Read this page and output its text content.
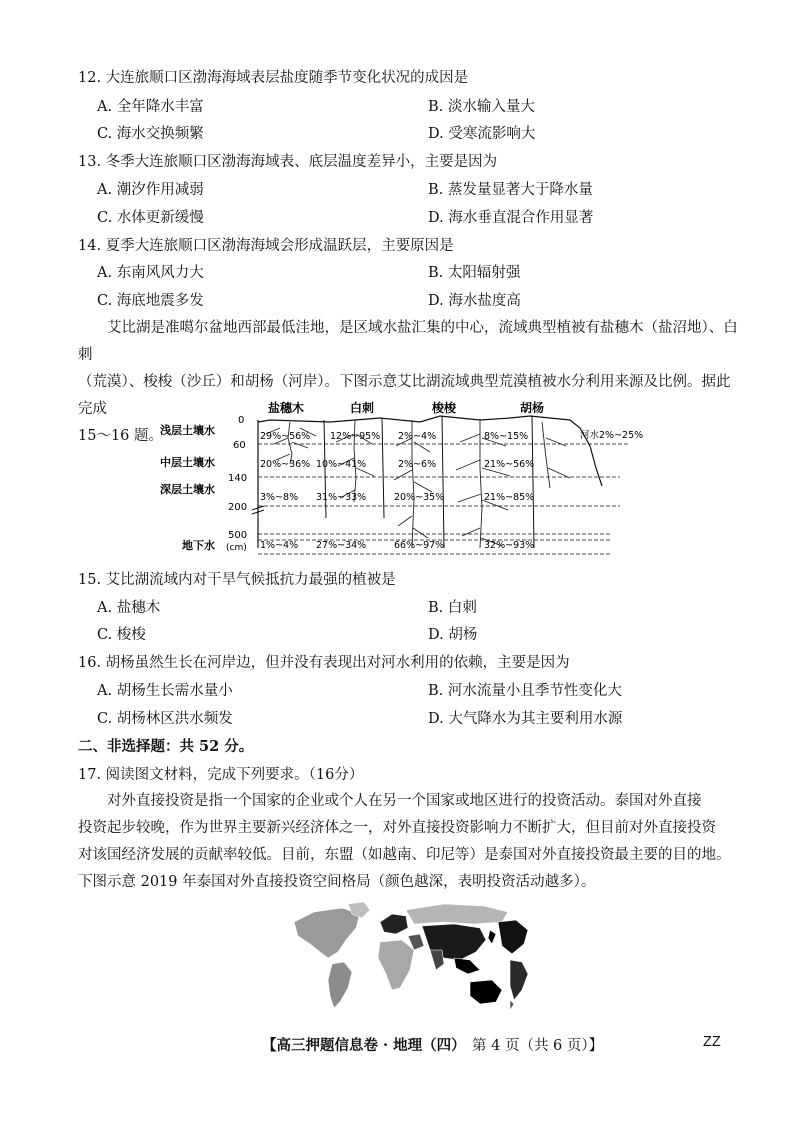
12. 大连旅顺口区渤海海域表层盐度随季节变化状况的成因是
A. 全年降水丰富	B. 淡水输入量大
C. 海水交换频繁	D. 受寒流影响大
13. 冬季大连旅顺口区渤海海域表、底层温度差异小，主要是因为
A. 潮汐作用减弱	B. 蒸发量显著大于降水量
C. 水体更新缓慢	D. 海水垂直混合作用显著
14. 夏季大连旅顺口区渤海海域会形成温跃层，主要原因是
A. 东南风风力大	B. 太阳辐射强
C. 海底地震多发	D. 海水盐度高

艾比湖是准噶尔盆地西部最低洼地，是区域水盐汇集的中心，流域典型植被有盐穗木（盐沼地）、白刺

（荒漠）、梭梭（沙丘）和胡杨（河岸）。下图示意艾比湖流域典型荒漠植被水分利用来源及比例。据此完成

15～16 题。

盐穗木	白刺	梭梭	胡杨
0
60
140
200
500
(cm)
浅层土壤水
中层土壤水
深层土壤水
地下水
29%~56% 12%~95% 2%~4%	8%~15%	河水2%~25%
20%~36% 10%~41%	2%~6%	21%~56%
3%~8% 31%~33%	20%~35%	21%~85%
1%~4% 27%~34%	66%~97%	32%~93%
15. 艾比湖流域内对干旱气候抵抗力最强的植被是
A. 盐穗木	B. 白刺
C. 梭梭	D. 胡杨
16. 胡杨虽然生长在河岸边，但并没有表现出对河水利用的依赖，主要是因为
A. 胡杨生长需水量小	B. 河水流量小且季节性变化大
C. 胡杨林区洪水频发	D. 大气降水为其主要利用水源
二、非选择题：共 52 分。
17. 阅读图文材料，完成下列要求。（16分）

对外直接投资是指一个国家的企业或个人在另一个国家或地区进行的投资活动。泰国对外直接

投资起步较晚，作为世界主要新兴经济体之一，对外直接投资影响力不断扩大，但目前对外直接投资

对该国经济发展的贡献率较低。目前，东盟（如越南、印尼等）是泰国对外直接投资最主要的目的地。

下图示意 2019 年泰国对外直接投资空间格局（颜色越深，表明投资活动越多）。

【高三押题信息卷 · 地理（四） 第 4 页（共 6 页）】	ZZ
